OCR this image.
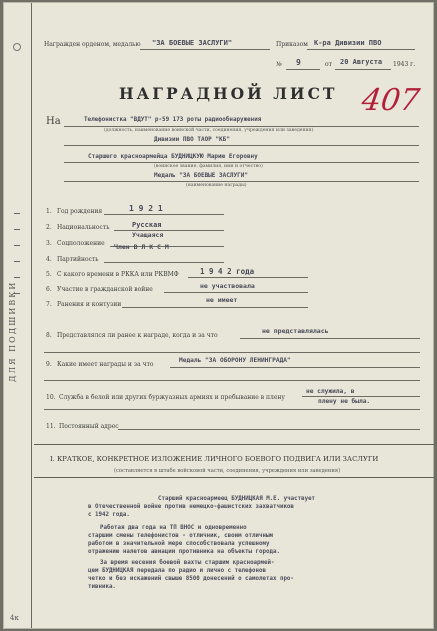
ДЛЯ ПОДШИВКИ
4к
Награжден орденом, медалью "ЗА БОЕВЫЕ ЗАСЛУГИ"	Приказом К-ра Дивизии ПВО
№ 9	от 20 Августа 1943 г.
НАГРАДНОЙ ЛИСТ 407
На	Телефонистка "ВДУТ" р-59 173 роты радиообнаружения
(должность, наименование воинской части, соединения, учреждения или заведения)
Дивизии ПВО ТАОР "КБ"
Старшего красноармейца БУДНИЦКУЮ Марию Егоровну
(воинское звание, фамилия, имя и отчество)
Медаль "ЗА БОЕВЫЕ ЗАСЛУГИ"
(наименование награды)
1. Год рождения	1 9 2 1
2. Национальность	Русская
3. Соцположение
Учащаяся
4. Партийность
Член В Л К С М
5. С какого времени в РККА или РКВМФ	1 9 4 2 года
6. Участие в гражданской войне	не участвовала
7. Ранения и контузии
не имеет
8. Представлялся ли ранее к награде, когда и за что
не представлялась
9. Какие имеет награды и за что
Медаль "ЗА ОБОРОНУ ЛЕНИНГРАДА"
10. Служба в белой или других буржуазных армиях и пребывание в плену
не служила, в
плену не была.
11. Постоянный адрес
I. КРАТКОЕ, КОНКРЕТНОЕ ИЗЛОЖЕНИЕ ЛИЧНОГО БОЕВОГО ПОДВИГА ИЛИ ЗАСЛУГИ
(составляется в штабе войсковой части, соединения, учреждения или заведения)
Старший красноармеец БУДНИЦКАЯ М.Е. участвует
в Отечественной войне против немецко-фашистских захватчиков
с 1942 года.
Работая два года на ТП ВНОС и одновременно
старшим смены телефонистов - отличник, своим отличным
работом в значительной мере способствовала успешному
отражению налетов авиации противника на объекты города.
За время несения боевой вахты старшим красноармей-
цем БУДНИЦКАЯ передала по радио и лично с телефонов
четко и без искажений свыше 8500 донесений о самолетах про-
тивника.
